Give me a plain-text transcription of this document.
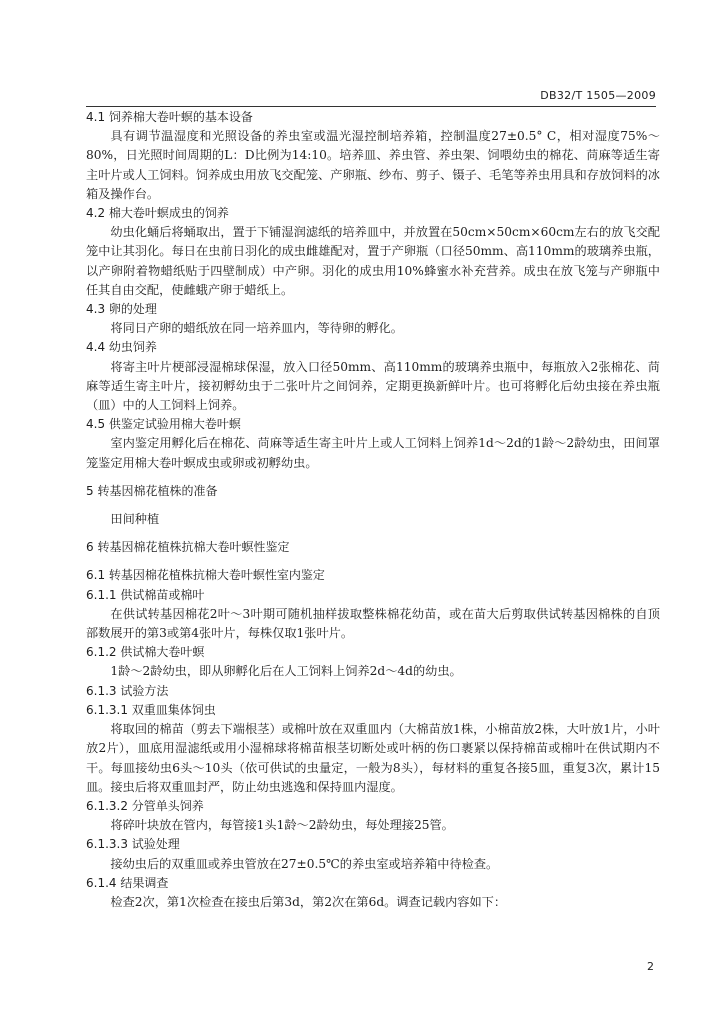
DB32/T 1505—2009
4.1 饲养棉大卷叶螟的基本设备
具有调节温湿度和光照设备的养虫室或温光湿控制培养箱，控制温度27±0.5° C，相对湿度75%～80%，日光照时间周期的L：D比例为14:10。培养皿、养虫管、养虫架、饲喂幼虫的棉花、苘麻等适生寄主叶片或人工饲料。饲养成虫用放飞交配笼、产卵瓶、纱布、剪子、镊子、毛笔等养虫用具和存放饲料的冰箱及操作台。
4.2 棉大卷叶螟成虫的饲养
幼虫化蛹后将蛹取出，置于下铺湿润滤纸的培养皿中，并放置在50cm×50cm×60cm左右的放飞交配笼中让其羽化。每日在虫前日羽化的成虫雌雄配对，置于产卵瓶（口径50mm、高110mm的玻璃养虫瓶，以产卵附着物蜡纸贴于四壁制成）中产卵。羽化的成虫用10%蜂蜜水补充营养。成虫在放飞笼与产卵瓶中任其自由交配，使雌蛾产卵于蜡纸上。
4.3 卵的处理
将同日产卵的蜡纸放在同一培养皿内，等待卵的孵化。
4.4 幼虫饲养
将寄主叶片梗部浸湿棉球保湿，放入口径50mm、高110mm的玻璃养虫瓶中，每瓶放入2张棉花、苘麻等适生寄主叶片，接初孵幼虫于二张叶片之间饲养，定期更换新鲜叶片。也可将孵化后幼虫接在养虫瓶（皿）中的人工饲料上饲养。
4.5 供鉴定试验用棉大卷叶螟
室内鉴定用孵化后在棉花、苘麻等适生寄主叶片上或人工饲料上饲养1d～2d的1龄～2龄幼虫，田间罩笼鉴定用棉大卷叶螟成虫或卵或初孵幼虫。
5 转基因棉花植株的准备
田间种植
6 转基因棉花植株抗棉大卷叶螟性鉴定
6.1 转基因棉花植株抗棉大卷叶螟性室内鉴定
6.1.1 供试棉苗或棉叶
在供试转基因棉花2叶～3叶期可随机抽样拔取整株棉花幼苗，或在苗大后剪取供试转基因棉株的自顶部数展开的第3或第4张叶片，每株仅取1张叶片。
6.1.2 供试棉大卷叶螟
1龄～2龄幼虫，即从卵孵化后在人工饲料上饲养2d～4d的幼虫。
6.1.3 试验方法
6.1.3.1 双重皿集体饲虫
将取回的棉苗（剪去下端根茎）或棉叶放在双重皿内（大棉苗放1株，小棉苗放2株，大叶放1片，小叶放2片），皿底用湿滤纸或用小湿棉球将棉苗根茎切断处或叶柄的伤口裹紧以保持棉苗或棉叶在供试期内不干。每皿接幼虫6头～10头（依可供试的虫量定，一般为8头），每材料的重复各接5皿，重复3次，累计15皿。接虫后将双重皿封严，防止幼虫逃逸和保持皿内湿度。
6.1.3.2 分管单头饲养
将碎叶块放在管内，每管接1头1龄～2龄幼虫，每处理接25管。
6.1.3.3 试验处理
接幼虫后的双重皿或养虫管放在27±0.5℃的养虫室或培养箱中待检查。
6.1.4 结果调查
检查2次，第1次检查在接虫后第3d，第2次在第6d。调查记载内容如下：
2
